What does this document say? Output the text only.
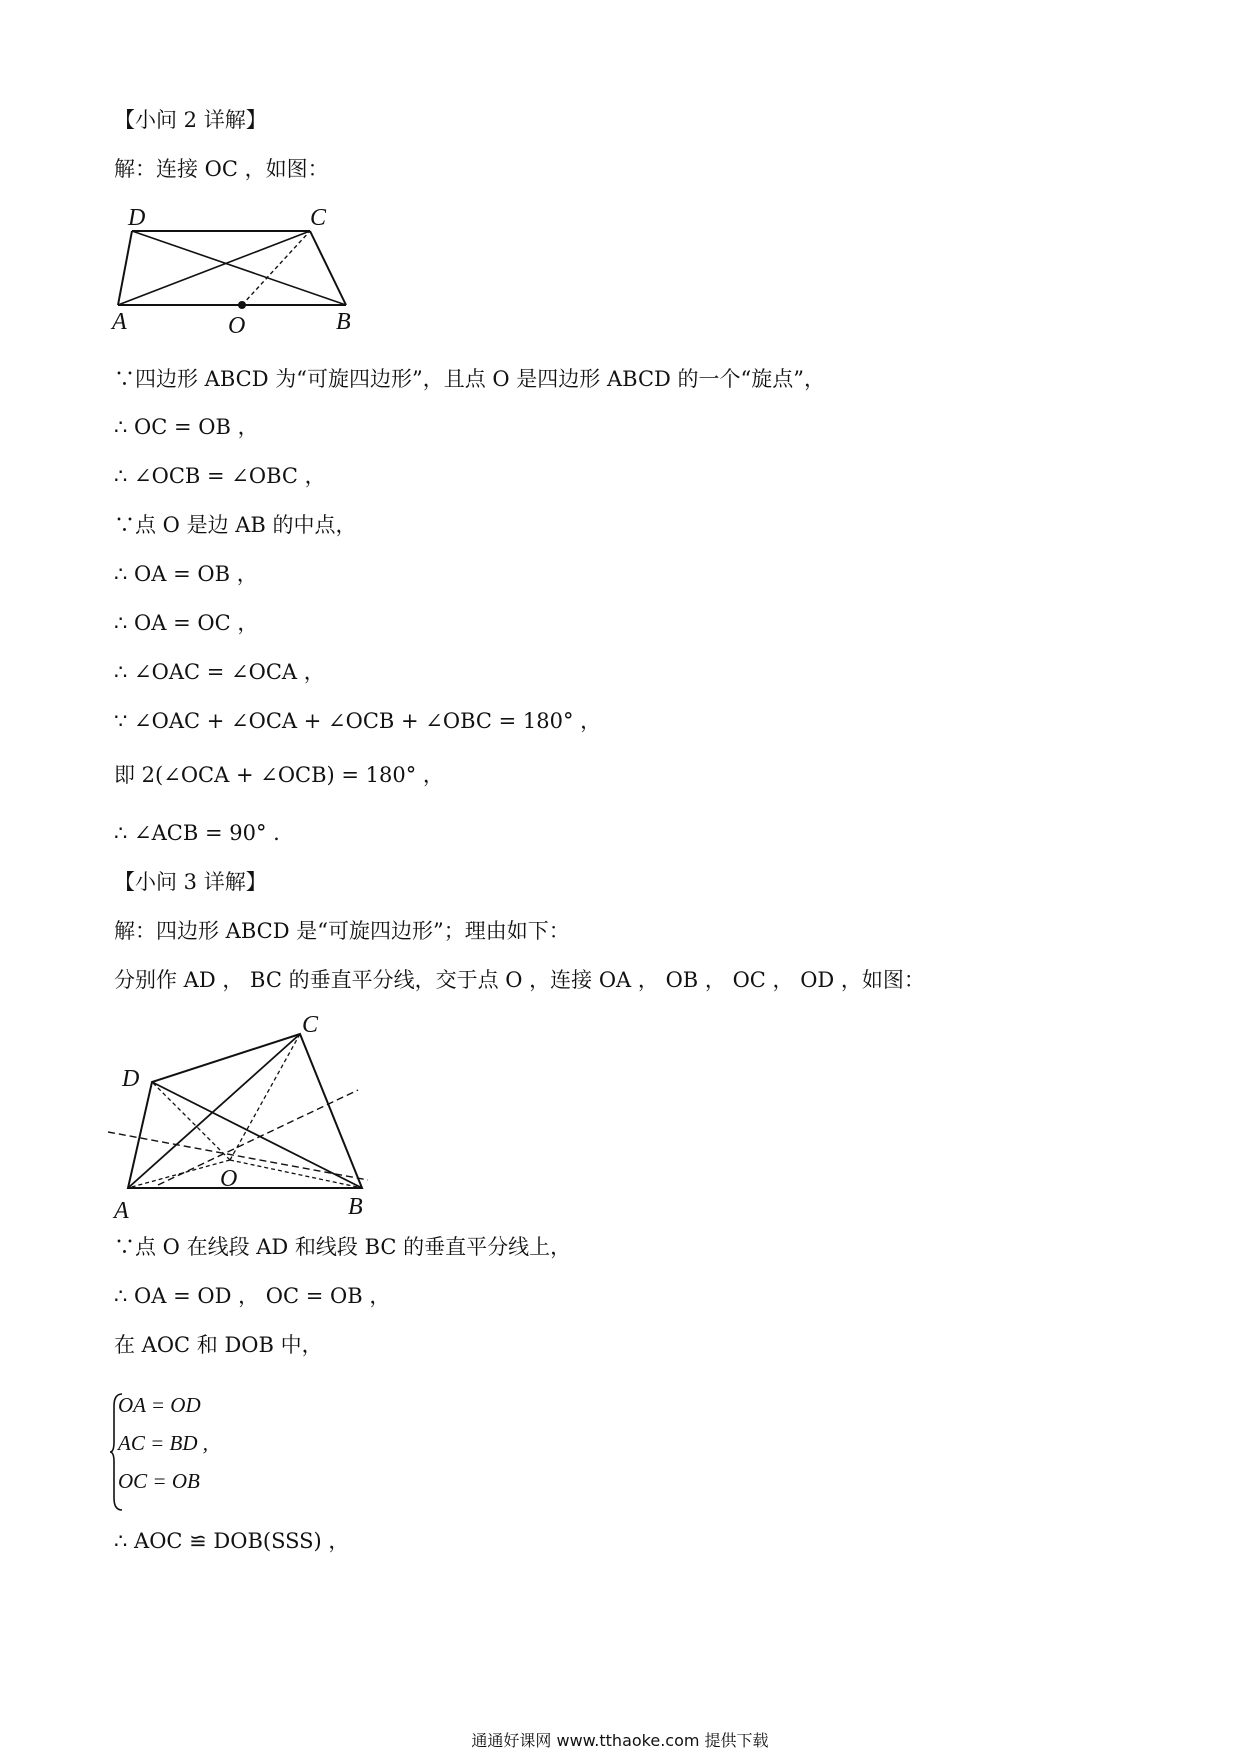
【小问 2 详解】
解：连接 OC ，如图：
D	C
A	O	B
∵四边形 ABCD 为“可旋四边形”，且点 O 是四边形 ABCD 的一个“旋点”，
∴ OC = OB ，
∴ ∠OCB = ∠OBC ，
∵点 O 是边 AB 的中点，
∴ OA = OB ，
∴ OA = OC ，
∴ ∠OAC = ∠OCA ，
∵ ∠OAC + ∠OCA + ∠OCB + ∠OBC = 180° ，
即 2(∠OCA + ∠OCB) = 180° ，
∴ ∠ACB = 90° .
【小问 3 详解】
解：四边形 ABCD 是“可旋四边形”；理由如下：
分别作 AD ， BC 的垂直平分线，交于点 O ，连接 OA ， OB ， OC ， OD ，如图：
C
D
O
A	B
∵点 O 在线段 AD 和线段 BC 的垂直平分线上，
∴ OA = OD ， OC = OB ，
在 AOC 和 DOB 中，
OA = OD
AC = BD ,
OC = OB
∴ AOC ≌ DOB(SSS) ，
通通好课网 www.tthaoke.com 提供下载
